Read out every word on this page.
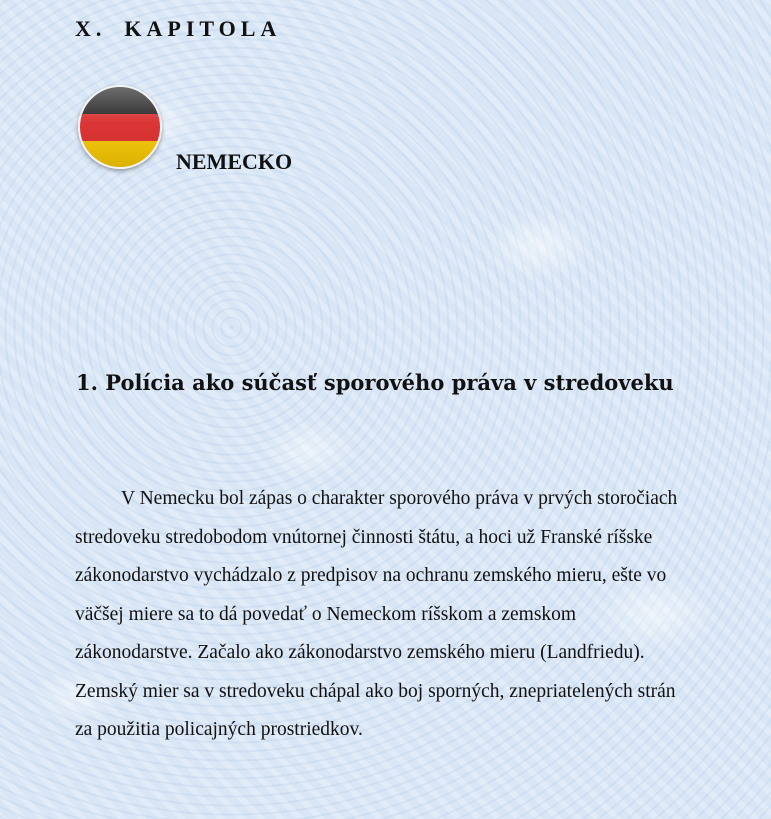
X. KAPITOLA
NEMECKO
1. Polícia ako súčasť sporového práva v stredoveku

V Nemecku bol zápas o charakter sporového práva v prvých storočiach stredoveku stredobodom vnútornej činnosti štátu, a hoci už Franské ríšske zákonodarstvo vychádzalo z predpisov na ochranu zemského mieru, ešte vo väčšej miere sa to dá povedať o Nemeckom ríšskom a zemskom zákonodarstve. Začalo ako zákonodarstvo zemského mieru (Landfriedu). Zemský mier sa v stredoveku chápal ako boj sporných, znepriatelených strán za použitia policajných prostriedkov.
